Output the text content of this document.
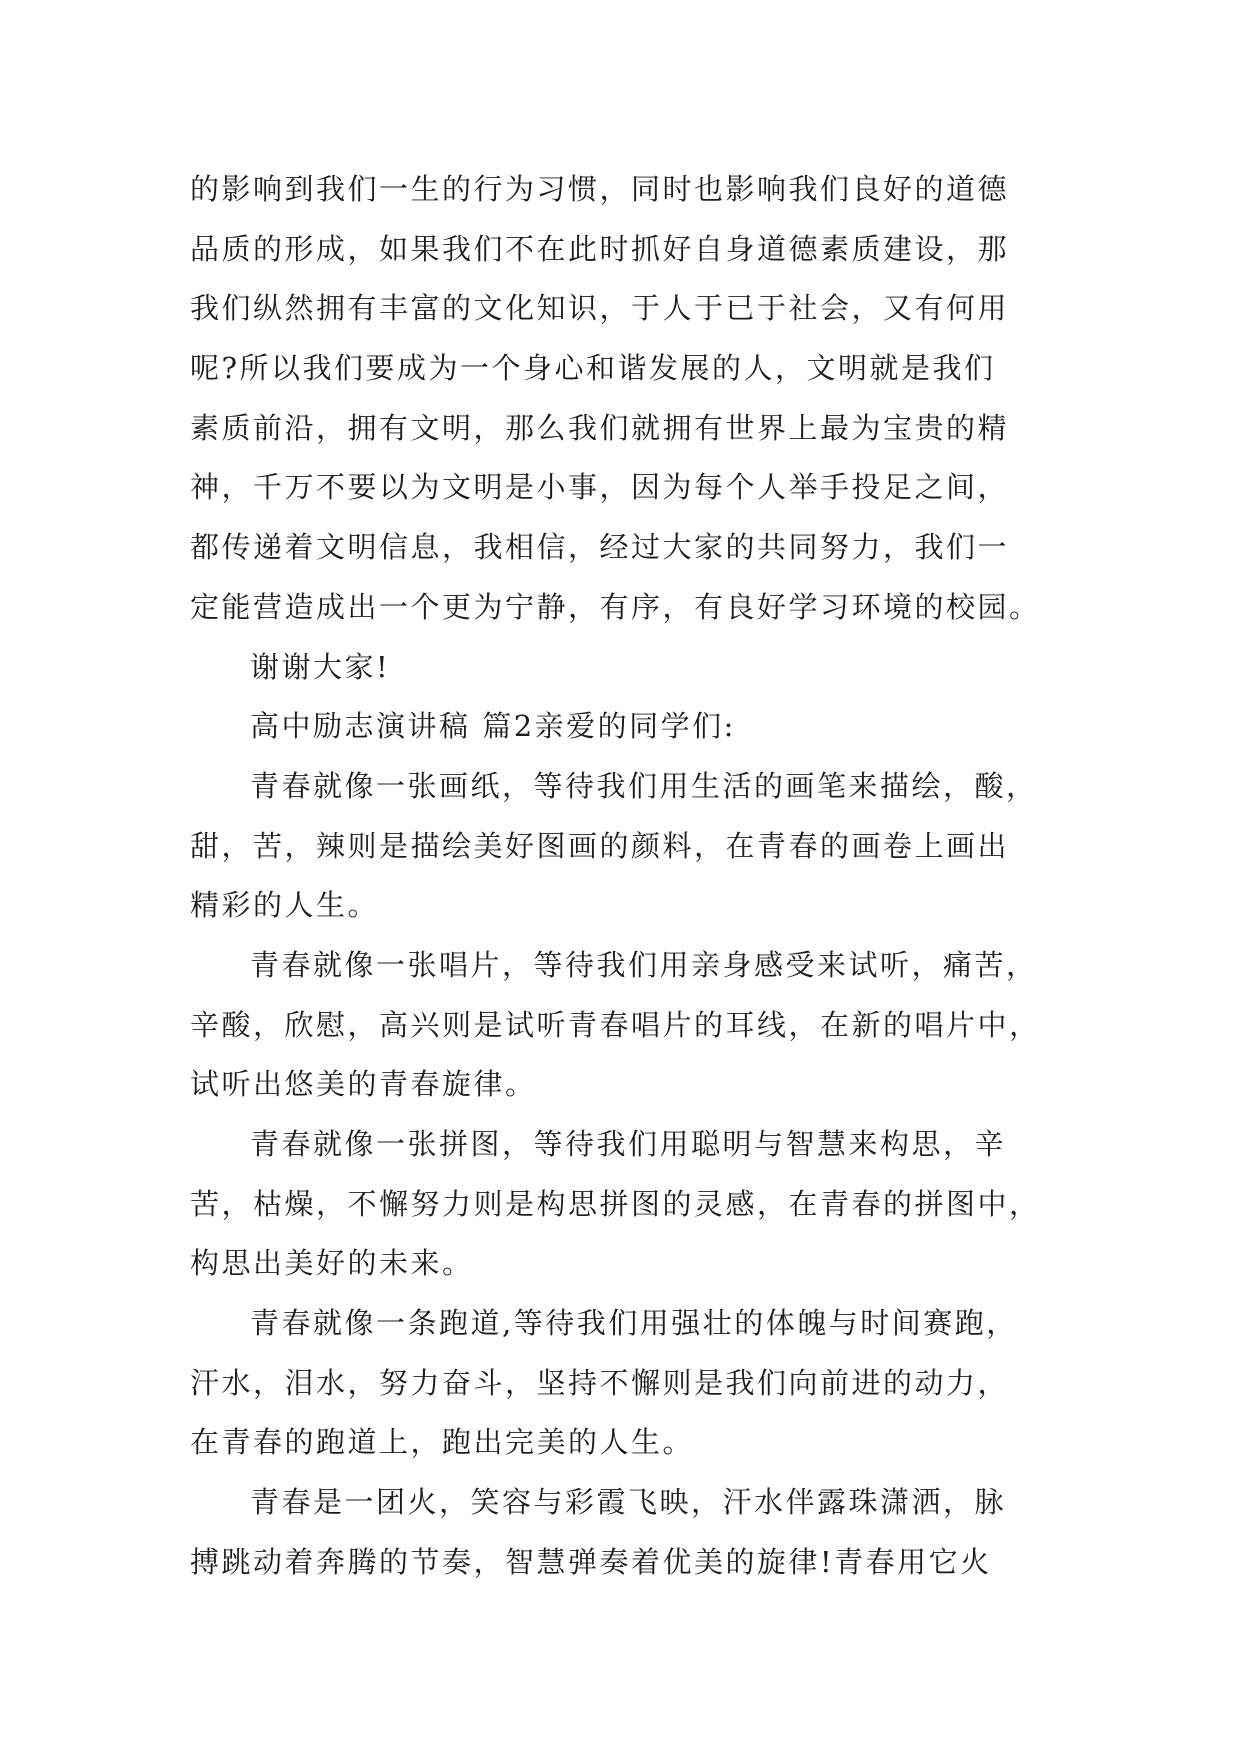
的影响到我们一生的行为习惯，同时也影响我们良好的道德
品质的形成，如果我们不在此时抓好自身道德素质建设，那
我们纵然拥有丰富的文化知识，于人于已于社会，又有何用
呢?所以我们要成为一个身心和谐发展的人，文明就是我们
素质前沿，拥有文明，那么我们就拥有世界上最为宝贵的精
神，千万不要以为文明是小事，因为每个人举手投足之间，
都传递着文明信息，我相信，经过大家的共同努力，我们一
定能营造成出一个更为宁静，有序，有良好学习环境的校园。
谢谢大家!
高中励志演讲稿 篇2亲爱的同学们:
青春就像一张画纸，等待我们用生活的画笔来描绘，酸，
甜，苦，辣则是描绘美好图画的颜料，在青春的画卷上画出
精彩的人生。
青春就像一张唱片，等待我们用亲身感受来试听，痛苦，
辛酸，欣慰，高兴则是试听青春唱片的耳线，在新的唱片中，
试听出悠美的青春旋律。
青春就像一张拼图，等待我们用聪明与智慧来构思，辛
苦，枯燥，不懈努力则是构思拼图的灵感，在青春的拼图中，
构思出美好的未来。
青春就像一条跑道,等待我们用强壮的体魄与时间赛跑，
汗水，泪水，努力奋斗，坚持不懈则是我们向前进的动力，
在青春的跑道上，跑出完美的人生。
青春是一团火，笑容与彩霞飞映，汗水伴露珠潇洒，脉
搏跳动着奔腾的节奏，智慧弹奏着优美的旋律!青春用它火
